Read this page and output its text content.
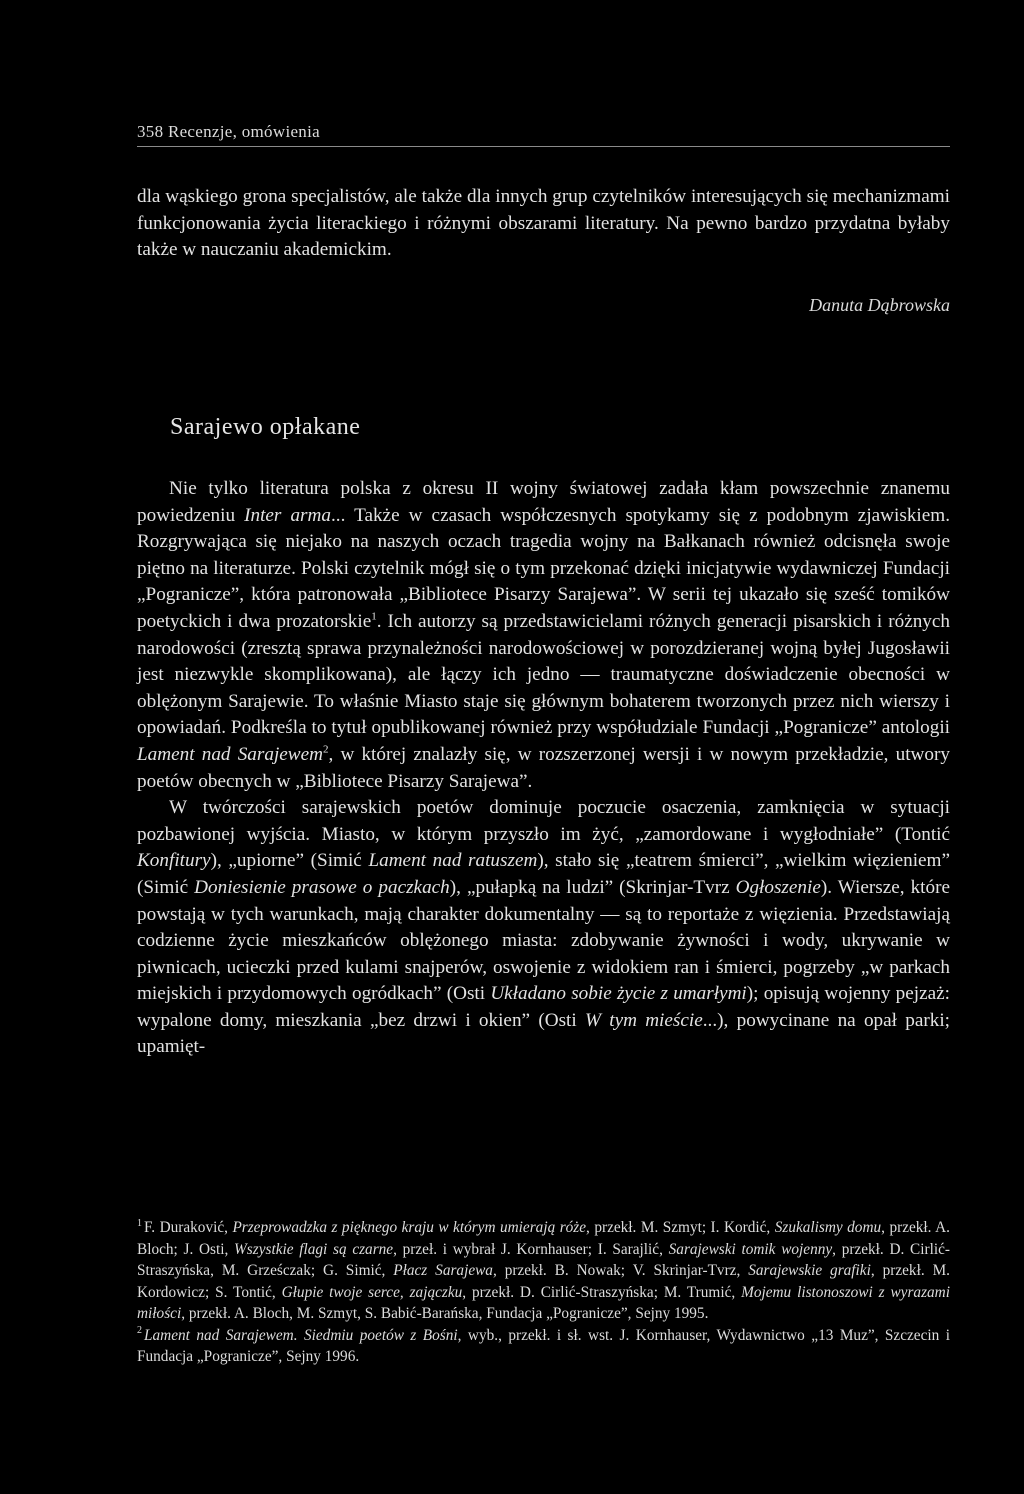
358 Recenzje, omówienia

dla wąskiego grona specjalistów, ale także dla innych grup czytelników interesujących się mechanizmami funkcjonowania życia literackiego i różnymi obszarami literatury. Na pewno bardzo przydatna byłaby także w nauczaniu akademickim.

Danuta Dąbrowska
Sarajewo opłakane

Nie tylko literatura polska z okresu II wojny światowej zadała kłam powszechnie znanemu powiedzeniu Inter arma... Także w czasach współczesnych spotykamy się z podobnym zjawiskiem. Rozgrywająca się niejako na naszych oczach tragedia wojny na Bałkanach również odcisnęła swoje piętno na literaturze. Polski czytelnik mógł się o tym przekonać dzięki inicjatywie wydawniczej Fundacji „Pogranicze”, która patronowała „Bibliotece Pisarzy Sarajewa”. W serii tej ukazało się sześć tomików poetyckich i dwa prozatorskie$^1$. Ich autorzy są przedstawicielami różnych generacji pisarskich i różnych narodowości (zresztą sprawa przynależności narodowościowej w porozdzieranej wojną byłej Jugosławii jest niezwykle skomplikowana), ale łączy ich jedno — traumatyczne doświadczenie obecności w oblężonym Sarajewie. To właśnie Miasto staje się głównym bohaterem tworzonych przez nich wierszy i opowiadań. Podkreśla to tytuł opublikowanej również przy współudziale Fundacji „Pogranicze” antologii Lament nad Sarajewem$^2$, w której znalazły się, w rozszerzonej wersji i w nowym przekładzie, utwory poetów obecnych w „Bibliotece Pisarzy Sarajewa”.

W twórczości sarajewskich poetów dominuje poczucie osaczenia, zamknięcia w sytuacji pozbawionej wyjścia. Miasto, w którym przyszło im żyć, „zamordowane i wygłodniałe” (Tontić Konfitury), „upiorne” (Simić Lament nad ratuszem), stało się „teatrem śmierci”, „wielkim więzieniem” (Simić Doniesienie prasowe o paczkach), „pułapką na ludzi” (Skrinjar-Tvrz Ogłoszenie). Wiersze, które powstają w tych warunkach, mają charakter dokumentalny — są to reportaże z więzienia. Przedstawiają codzienne życie mieszkańców oblężonego miasta: zdobywanie żywności i wody, ukrywanie w piwnicach, ucieczki przed kulami snajperów, oswojenie z widokiem ran i śmierci, pogrzeby „w parkach miejskich i przydomowych ogródkach” (Osti Układano sobie życie z umarłymi); opisują wojenny pejzaż: wypalone domy, mieszkania „bez drzwi i okien” (Osti W tym mieście...), powycinane na opał parki; upamięt-

$^1$ F. Duraković, Przeprowadzka z pięknego kraju w którym umierają róże, przekł. M. Szmyt; I. Kordić, Szukalismy domu, przekł. A. Bloch; J. Osti, Wszystkie flagi są czarne, przeł. i wybrał J. Kornhauser; I. Sarajlić, Sarajewski tomik wojenny, przekł. D. Cirlić-Straszyńska, M. Grześczak; G. Simić, Płacz Sarajewa, przekł. B. Nowak; V. Skrinjar-Tvrz, Sarajewskie grafiki, przekł. M. Kordowicz; S. Tontić, Głupie twoje serce, zajączku, przekł. D. Cirlić-Straszyńska; M. Trumić, Mojemu listonoszowi z wyrazami miłości, przekł. A. Bloch, M. Szmyt, S. Babić-Barańska, Fundacja „Pogranicze”, Sejny 1995.

$^2$ Lament nad Sarajewem. Siedmiu poetów z Bośni, wyb., przekł. i sł. wst. J. Kornhauser, Wydawnictwo „13 Muz”, Szczecin i Fundacja „Pogranicze”, Sejny 1996.
